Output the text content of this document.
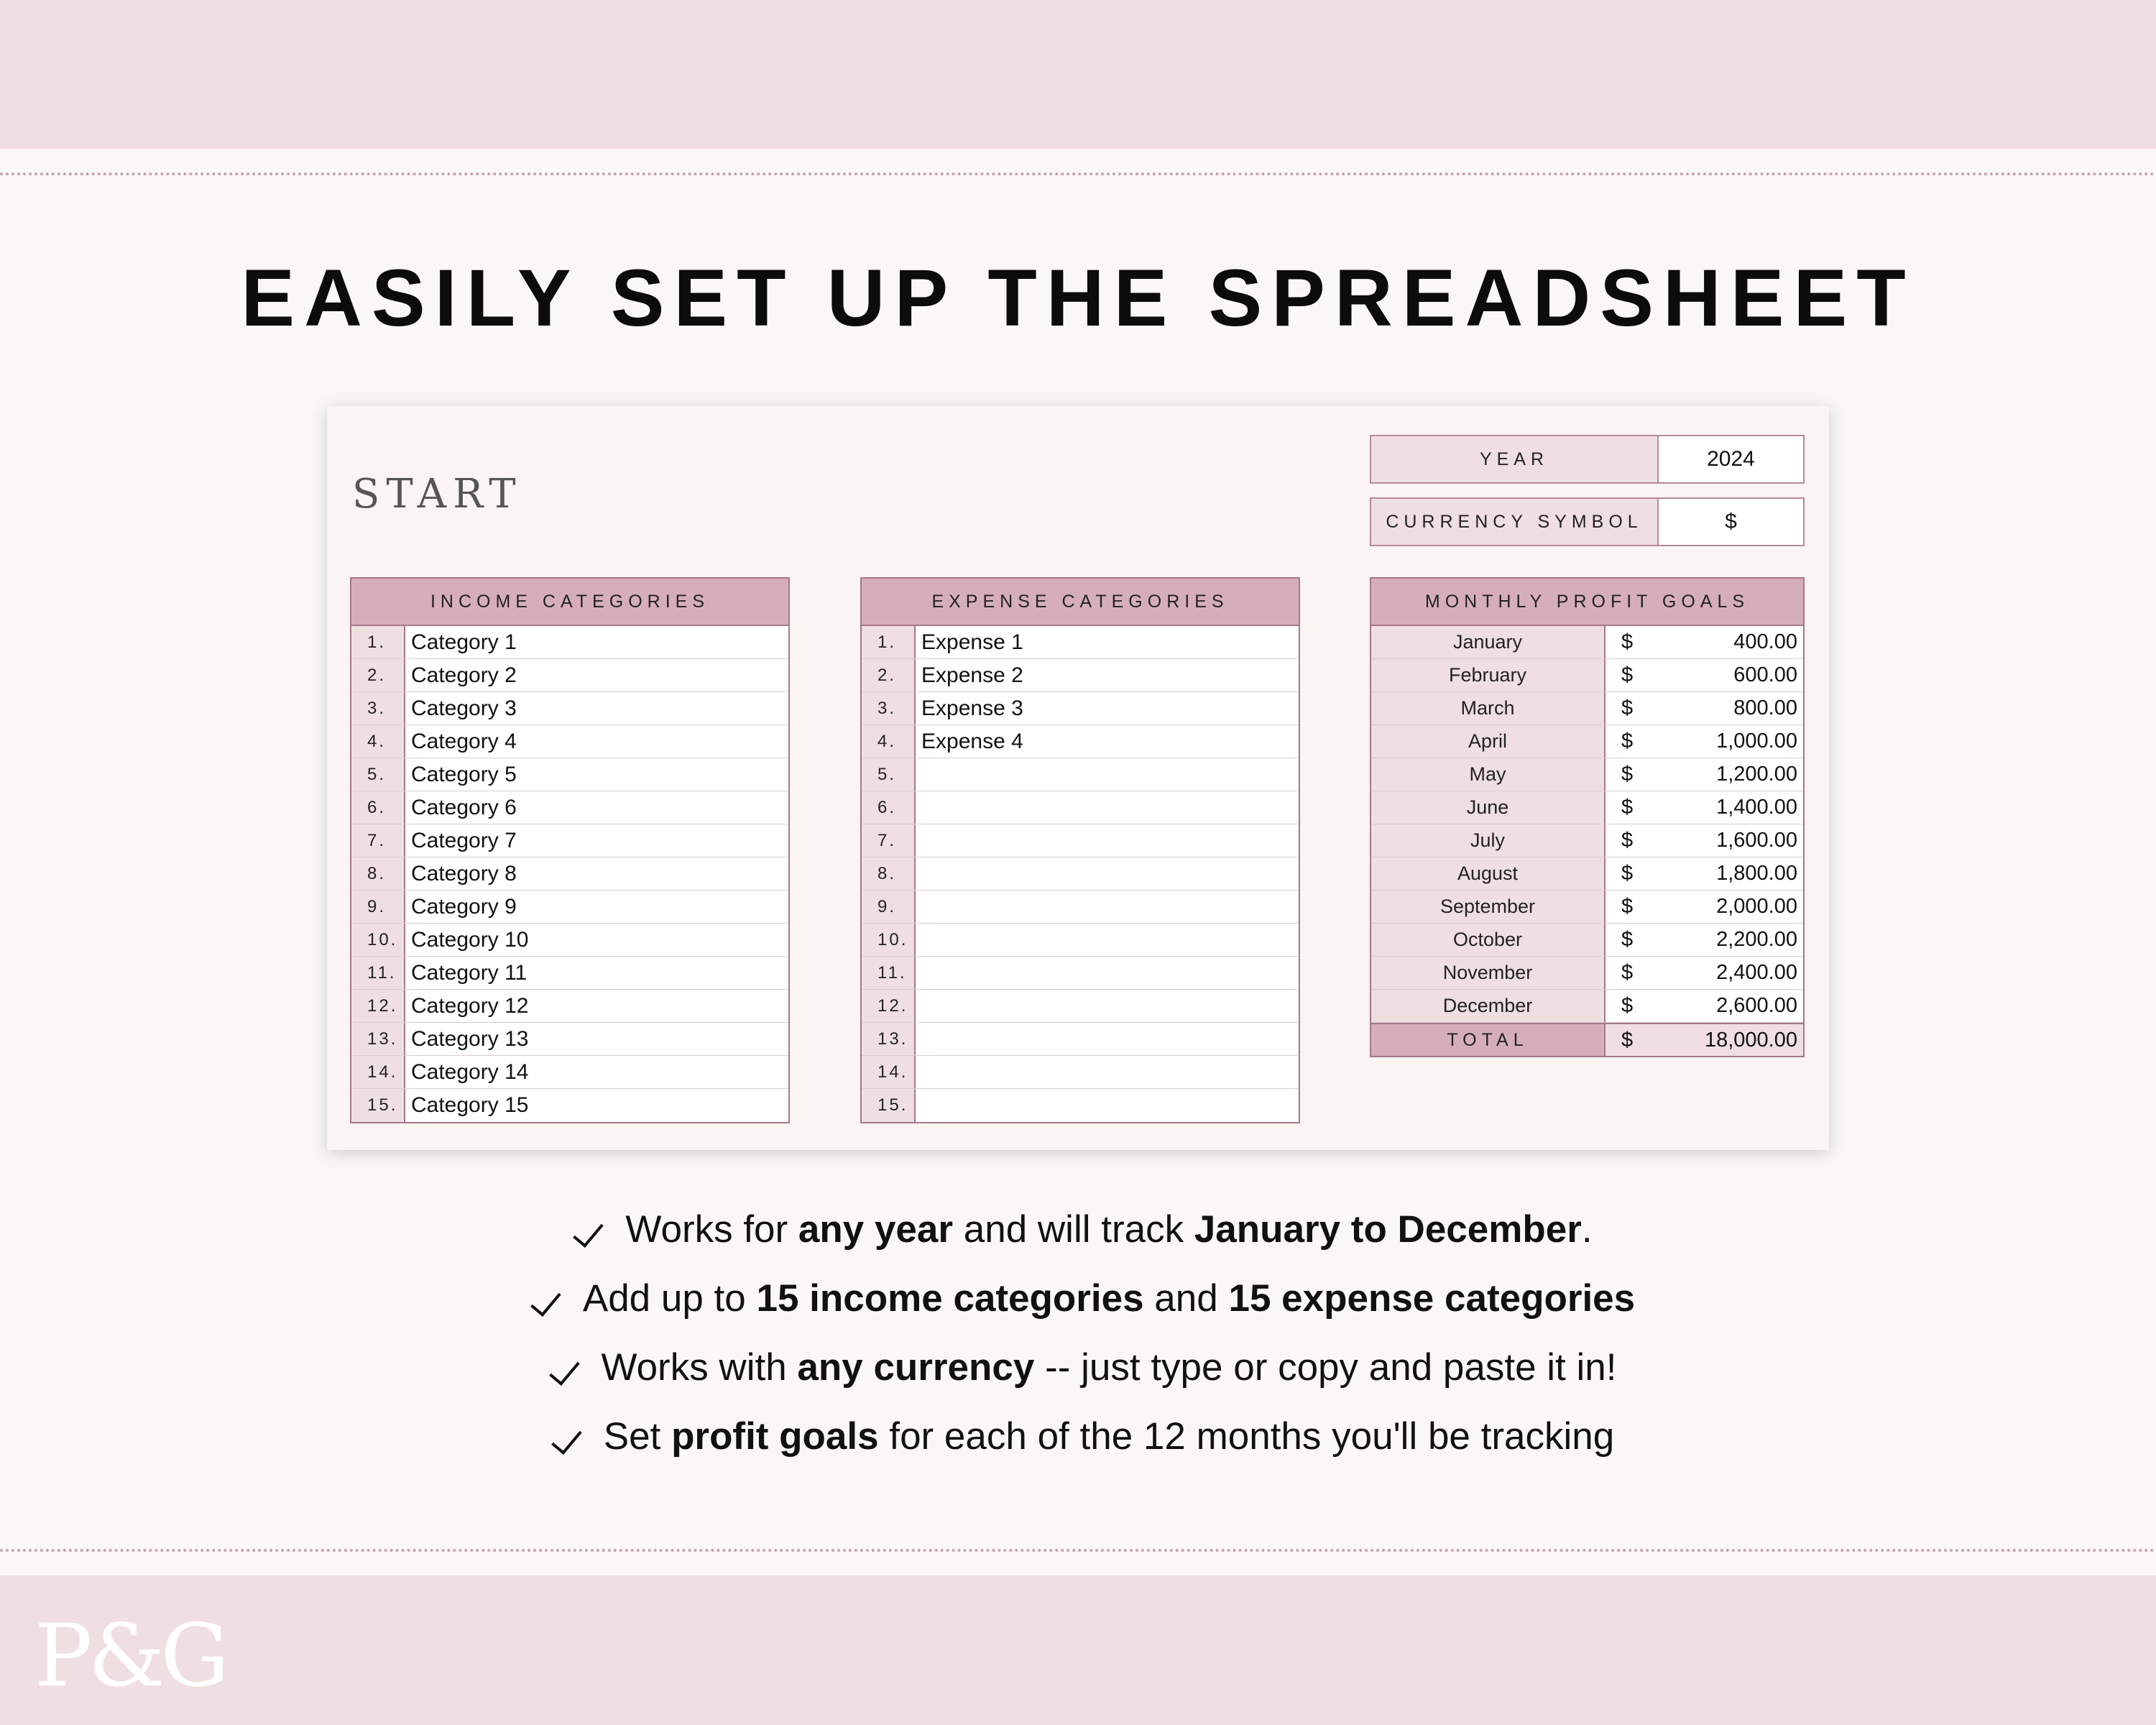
EASILY SET UP THE SPREADSHEET
START
YEAR	2024
CURRENCY SYMBOL	$
INCOME CATEGORIES
1.	Category 1
2.	Category 2
3.	Category 3
4.	Category 4
5.	Category 5
6.	Category 6
7.	Category 7
8.	Category 8
9.	Category 9
10. Category 10
11. Category 11
12. Category 12
13. Category 13
14. Category 14
15. Category 15
EXPENSE CATEGORIES
1.	Expense 1
2.	Expense 2
3.	Expense 3
4.	Expense 4
5.
6.
7.
8.
9.
10.
11.
12.
13.
14.
15.
MONTHLY PROFIT GOALS
January	$	400.00
February	$	600.00
March	$	800.00
April	$	1,000.00
May	$	1,200.00
June	$	1,400.00
July	$	1,600.00
August	$	1,800.00
September	$	2,000.00
October	$	2,200.00
November	$	2,400.00
December	$	2,600.00
TOTAL	$	18,000.00
Works for any year and will track January to December.
Add up to 15 income categories and 15 expense categories
Works with any currency -- just type or copy and paste it in!
Set profit goals for each of the 12 months you'll be tracking
P&G
